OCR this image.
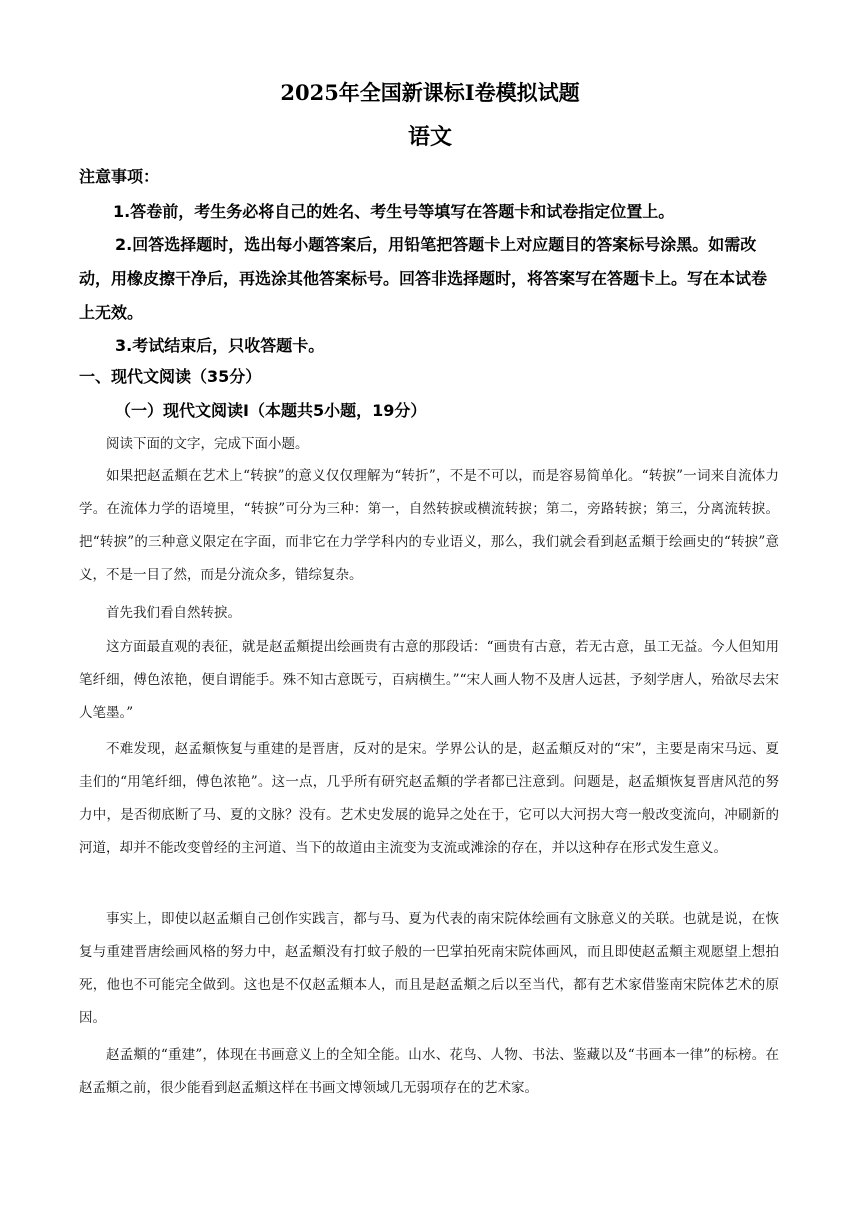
2025年全国新课标Ⅰ卷模拟试题
语文
注意事项：
1.答卷前，考生务必将自己的姓名、考生号等填写在答题卡和试卷指定位置上。
2.回答选择题时，选出每小题答案后，用铅笔把答题卡上对应题目的答案标号涂黑。如需改动，用橡皮擦干净后，再选涂其他答案标号。回答非选择题时，将答案写在答题卡上。写在本试卷上无效。
3.考试结束后，只收答题卡。
一、现代文阅读（35分）
（一）现代文阅读Ⅰ（本题共5小题，19分）
阅读下面的文字，完成下面小题。
如果把赵孟頫在艺术上“转捩”的意义仅仅理解为“转折”，不是不可以，而是容易简单化。“转捩”一词来自流体力学。在流体力学的语境里，“转捩”可分为三种：第一，自然转捩或横流转捩；第二，旁路转捩；第三，分离流转捩。把“转捩”的三种意义限定在字面，而非它在力学学科内的专业语义，那么，我们就会看到赵孟頫于绘画史的“转捩”意义，不是一目了然，而是分流众多，错综复杂。
首先我们看自然转捩。
这方面最直观的表征，就是赵孟頫提出绘画贵有古意的那段话：“画贵有古意，若无古意，虽工无益。今人但知用笔纤细，傅色浓艳，便自谓能手。殊不知古意既亏，百病横生。”“宋人画人物不及唐人远甚，予刻学唐人，殆欲尽去宋人笔墨。”
不难发现，赵孟頫恢复与重建的是晋唐，反对的是宋。学界公认的是，赵孟頫反对的“宋”，主要是南宋马远、夏圭们的“用笔纤细，傅色浓艳”。这一点，几乎所有研究赵孟頫的学者都已注意到。问题是，赵孟頫恢复晋唐风范的努力中，是否彻底断了马、夏的文脉？没有。艺术史发展的诡异之处在于，它可以大河拐大弯一般改变流向，冲刷新的河道，却并不能改变曾经的主河道、当下的故道由主流变为支流或滩涂的存在，并以这种存在形式发生意义。
事实上，即使以赵孟頫自己创作实践言，都与马、夏为代表的南宋院体绘画有文脉意义的关联。也就是说，在恢复与重建晋唐绘画风格的努力中，赵孟頫没有打蚊子般的一巴掌拍死南宋院体画风，而且即使赵孟頫主观愿望上想拍死，他也不可能完全做到。这也是不仅赵孟頫本人，而且是赵孟頫之后以至当代，都有艺术家借鉴南宋院体艺术的原因。
赵孟頫的“重建”，体现在书画意义上的全知全能。山水、花鸟、人物、书法、鉴藏以及“书画本一律”的标榜。在赵孟頫之前，很少能看到赵孟頫这样在书画文博领域几无弱项存在的艺术家。
